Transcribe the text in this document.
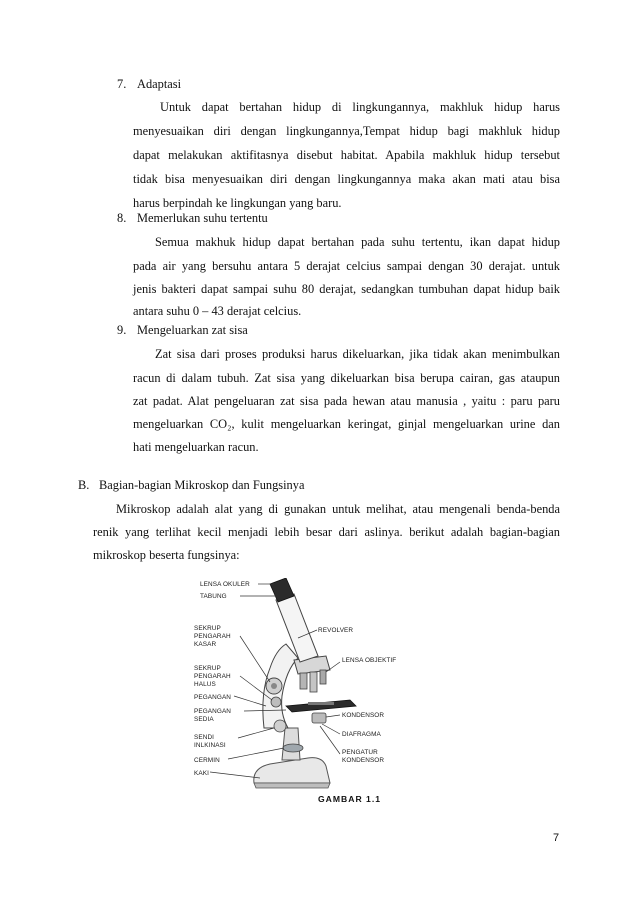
7. Adaptasi
Untuk dapat bertahan hidup di lingkungannya, makhluk hidup harus
menyesuaikan diri dengan lingkungannya,Tempat hidup bagi makhluk hidup
dapat melakukan aktifitasnya disebut habitat. Apabila makhluk hidup tersebut
tidak bisa menyesuaikan diri dengan lingkungannya maka akan mati atau bisa
harus berpindah ke lingkungan yang baru.
8. Memerlukan suhu tertentu
Semua makhuk hidup dapat bertahan pada suhu tertentu, ikan dapat hidup
pada air yang bersuhu antara 5 derajat celcius sampai dengan 30 derajat. untuk
jenis bakteri dapat sampai suhu 80 derajat, sedangkan tumbuhan dapat hidup baik
antara suhu 0 – 43 derajat celcius.
9. Mengeluarkan zat sisa
Zat sisa dari proses produksi harus dikeluarkan, jika tidak akan menimbulkan
racun di dalam tubuh. Zat sisa yang dikeluarkan bisa berupa cairan, gas ataupun
zat padat. Alat pengeluaran zat sisa pada hewan atau manusia , yaitu : paru paru
mengeluarkan CO₂, kulit mengeluarkan keringat, ginjal mengeluarkan urine dan
hati mengeluarkan racun.
B. Bagian-bagian Mikroskop dan Fungsinya
Mikroskop adalah alat yang di gunakan untuk melihat, atau mengenali benda-benda
renik yang terlihat kecil menjadi lebih besar dari aslinya. berikut adalah bagian-bagian
mikroskop beserta fungsinya:
LENSA OKULER
TABUNG
SEKRUP
PENGARAH
KASAR
SEKRUP
PENGARAH
HALUS
PEGANGAN
PEGANGAN
SEDIA
SENDI
INLKINASI
CERMIN
KAKI
REVOLVER
LENSA OBJEKTIF
KONDENSOR
DIAFRAGMA
PENGATUR
KONDENSOR
GAMBAR 1.1
7
